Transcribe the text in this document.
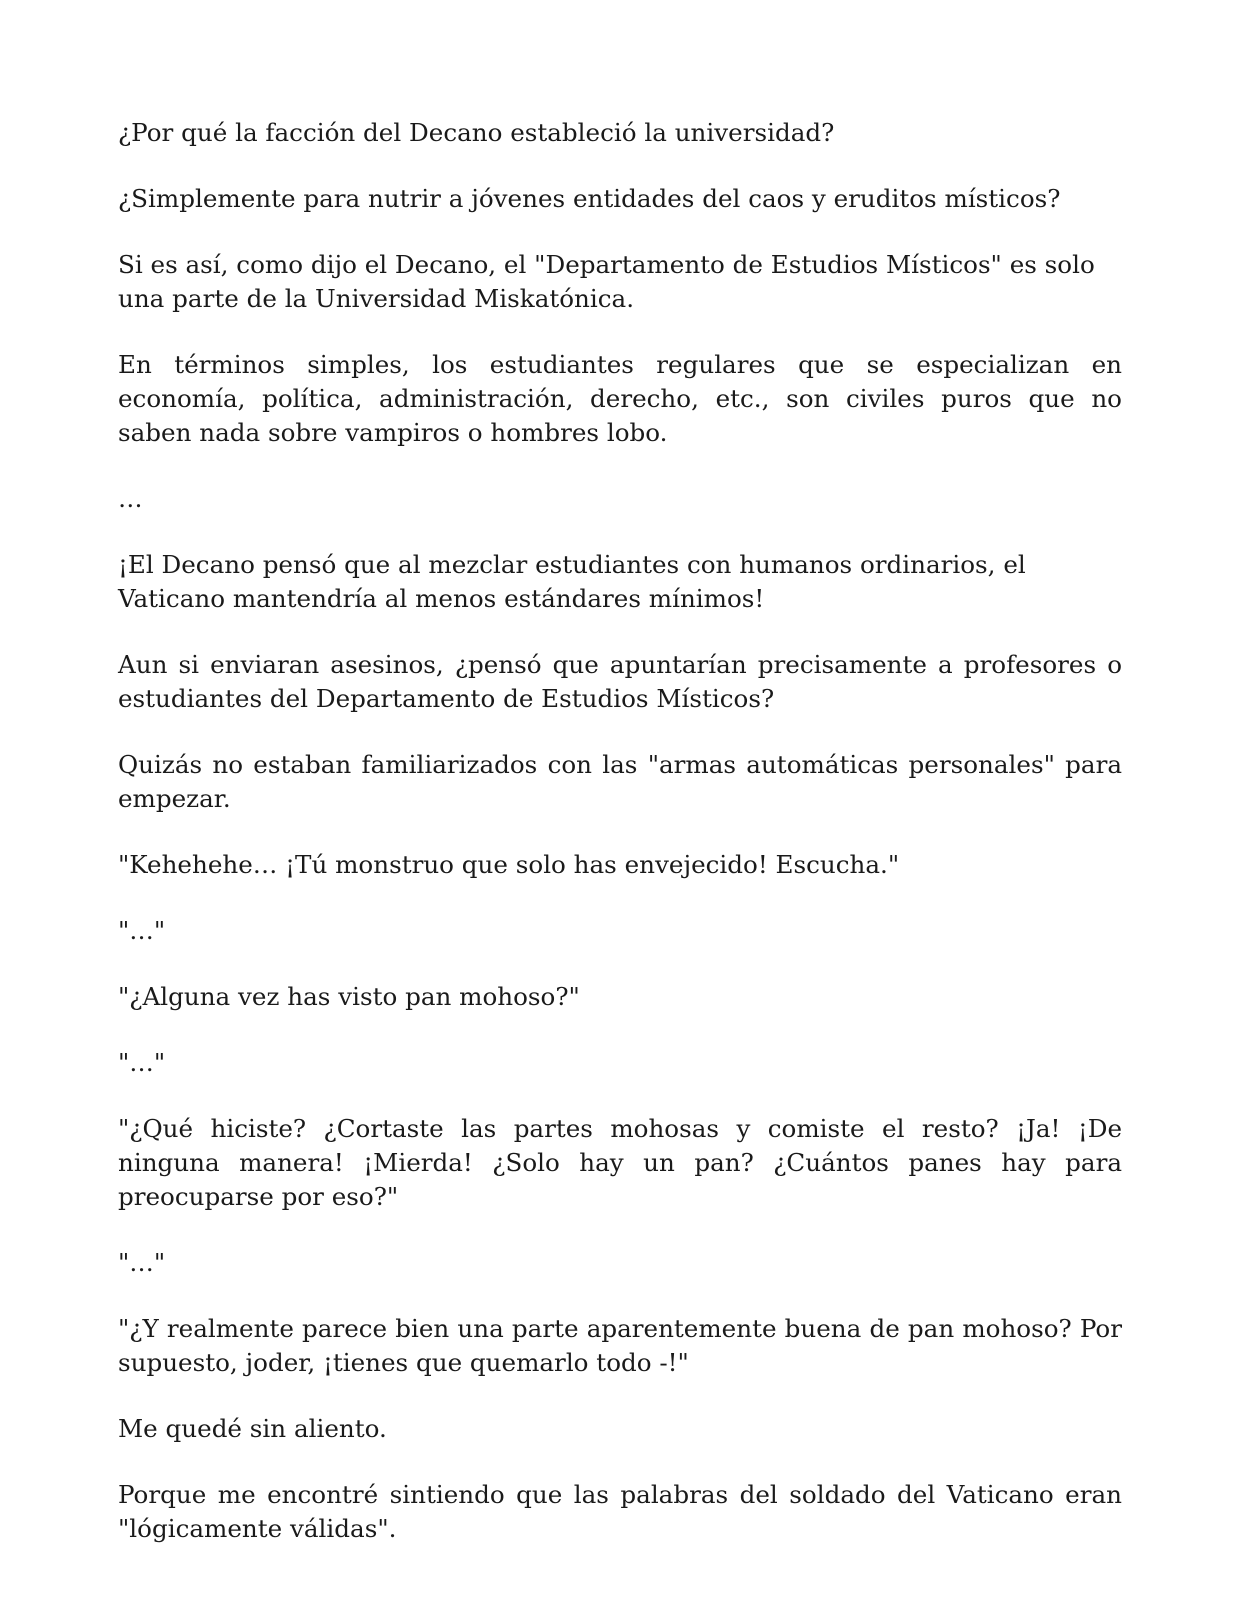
¿Por qué la facción del Decano estableció la universidad?

¿Simplemente para nutrir a jóvenes entidades del caos y eruditos místicos?

Si es así, como dijo el Decano, el "Departamento de Estudios Místicos" es solo una parte de la Universidad Miskatónica.

En términos simples, los estudiantes regulares que se especializan en economía, política, administración, derecho, etc., son civiles puros que no saben nada sobre vampiros o hombres lobo.

…

¡El Decano pensó que al mezclar estudiantes con humanos ordinarios, el Vaticano mantendría al menos estándares mínimos!

Aun si enviaran asesinos, ¿pensó que apuntarían precisamente a profesores o estudiantes del Departamento de Estudios Místicos?

Quizás no estaban familiarizados con las "armas automáticas personales" para empezar.

"Kehehehe… ¡Tú monstruo que solo has envejecido! Escucha."

"…"

"¿Alguna vez has visto pan mohoso?"

"…"

"¿Qué hiciste? ¿Cortaste las partes mohosas y comiste el resto? ¡Ja! ¡De ninguna manera! ¡Mierda! ¿Solo hay un pan? ¿Cuántos panes hay para preocuparse por eso?"

"…"

"¿Y realmente parece bien una parte aparentemente buena de pan mohoso? Por supuesto, joder, ¡tienes que quemarlo todo -!"

Me quedé sin aliento.

Porque me encontré sintiendo que las palabras del soldado del Vaticano eran "lógicamente válidas".
